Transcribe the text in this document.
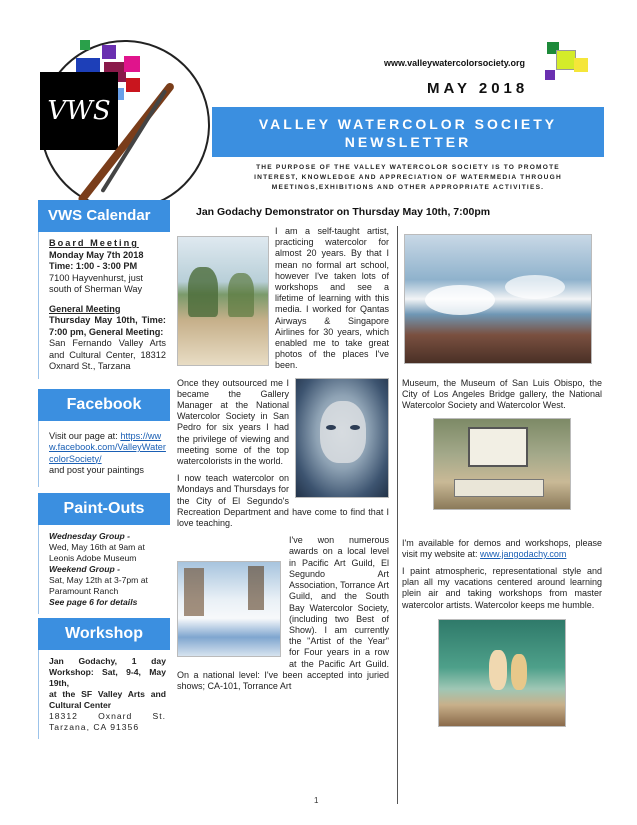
VWS
www.valleywatercolorsociety.org
MAY 2018
VALLEY WATERCOLOR SOCIETY
NEWSLETTER
THE PURPOSE OF THE VALLEY WATERCOLOR SOCIETY IS TO PROMOTE
INTEREST, KNOWLEDGE AND APPRECIATION OF WATERMEDIA THROUGH
MEETINGS,EXHIBITIONS AND OTHER APPROPRIATE ACTIVITIES.
VWS Calendar
Board Meeting
Monday May 7th 2018
Time: 1:00 - 3:00 PM
7100 Hayvenhurst, just south of Sherman Way
General Meeting
Thursday May 10th, Time: 7:00 pm, General Meeting:
San Fernando Valley Arts and Cultural Center, 18312 Oxnard St., Tarzana
Facebook
Visit our page at: https://www.facebook.com/ValleyWatercolorSociety/
and post your paintings
Paint-Outs
Wednesday Group -
Wed, May 16th at 9am at Leonis Adobe Museum
Weekend Group -
Sat, May 12th at 3-7pm at Paramount Ranch
See page 6 for details
Workshop
Jan Godachy, 1 day Workshop: Sat, 9-4, May 19th,
at the SF Valley Arts and Cultural Center
18312 Oxnard St. Tarzana, CA 91356
Jan Godachy Demonstrator on Thursday May 10th, 7:00pm

I am a self-taught artist, practicing watercolor for almost 20 years. By that I mean no formal art school, however I've taken lots of workshops and see a lifetime of learning with this media. I worked for Qantas Airways & Singapore Airlines for 30 years, which enabled me to take great photos of the places I've been.

Once they outsourced me I became the Gallery Manager at the National Watercolor Society in San Pedro for six years I had the privilege of viewing and meeting some of the top watercolorists in the world.

I now teach watercolor on Mondays and Thursdays for the City of El Segundo's Recreation Department and have come to find that I love teaching.

I've won numerous awards on a local level in Pacific Art Guild, El Segundo Art Association, Torrance Art Guild, and the South Bay Watercolor Society, (including two Best of Show). I am currently the "Artist of the Year" for Four years in a row at the Pacific Art Guild. On a national level: I've been accepted into juried shows; CA-101, Torrance Art

Museum, the Museum of San Luis Obispo, the City of Los Angeles Bridge gallery, the National Watercolor Society and Watercolor West.

I'm available for demos and workshops, please visit my website at: www.jangodachy.com

I paint atmospheric, representational style and plan all my vacations centered around learning plein air and taking workshops from master watercolor artists. Watercolor keeps me humble.

1
